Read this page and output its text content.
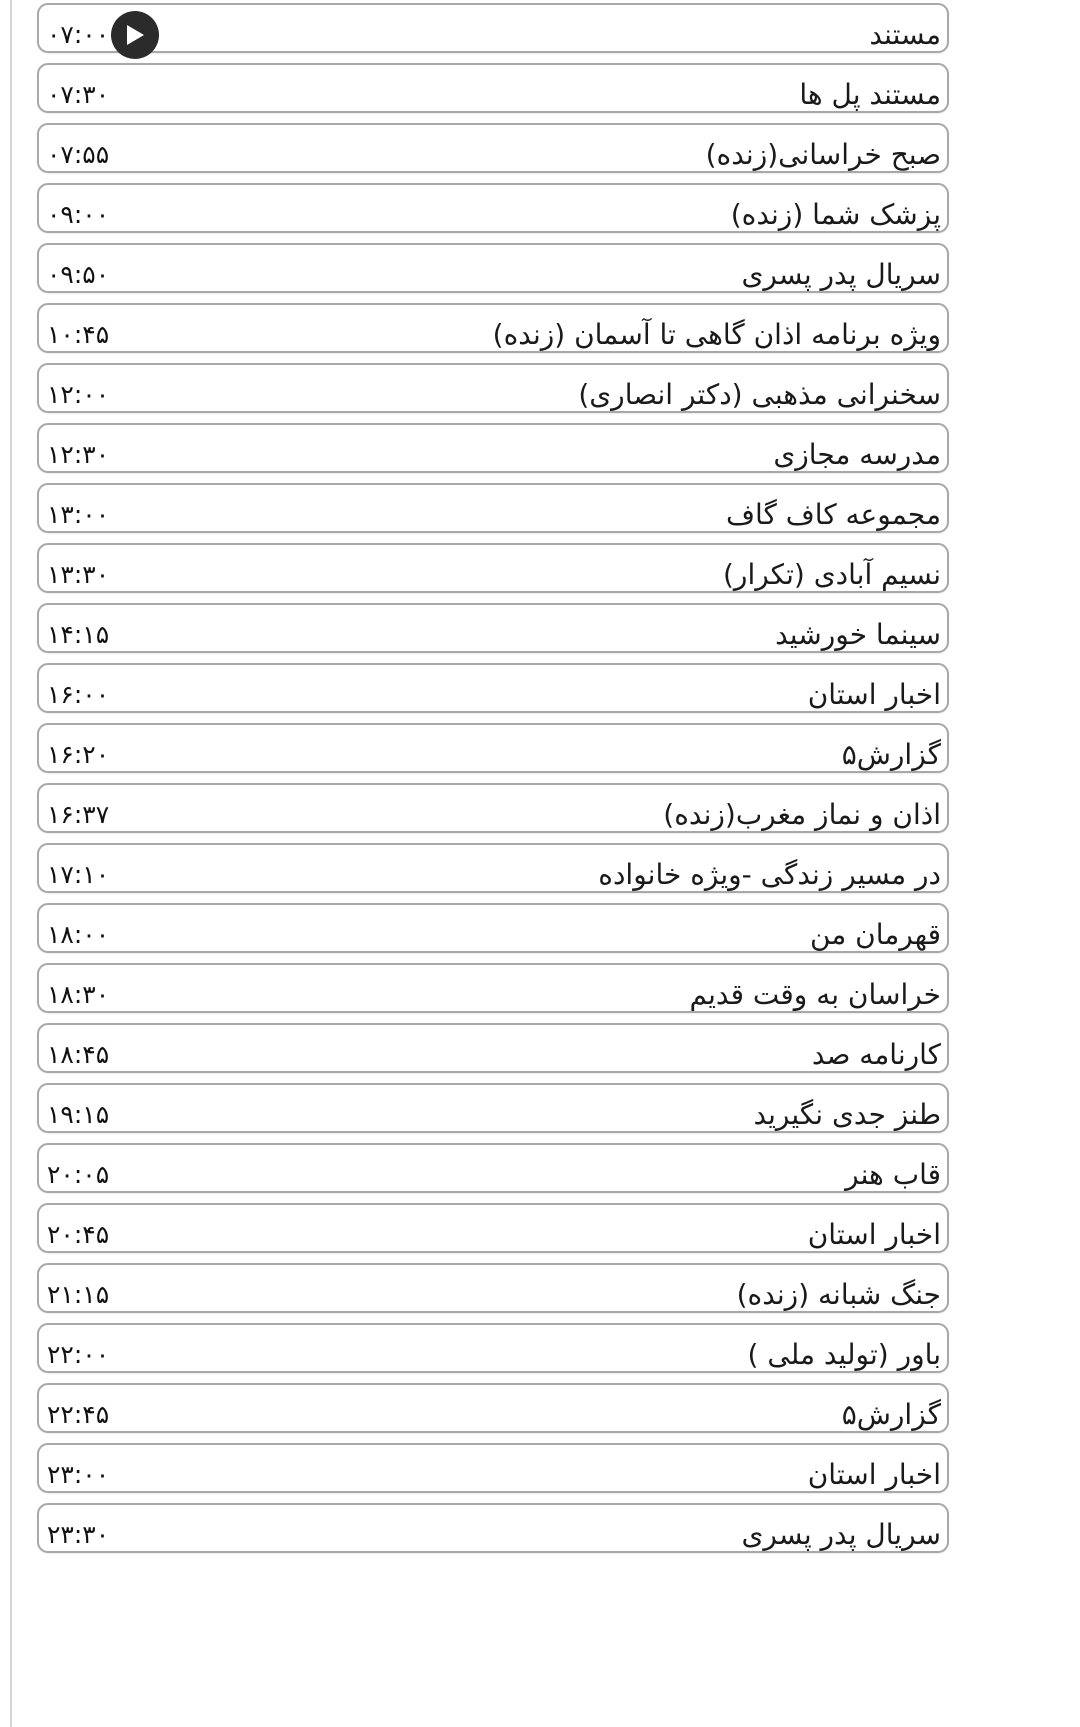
۰۷:۰۰	مستند
۰۷:۳۰	مستند پل ها
۰۷:۵۵	صبح خراسانی(زنده)
۰۹:۰۰	پزشک شما (زنده)
۰۹:۵۰	سریال پدر پسری
۱۰:۴۵	ویژه برنامه اذان گاهی تا آسمان (زنده)
۱۲:۰۰	سخنرانی مذهبی (دکتر انصاری)
۱۲:۳۰	مدرسه مجازی
۱۳:۰۰	مجموعه کاف گاف
۱۳:۳۰	نسیم آبادی (تکرار)
۱۴:۱۵	سینما خورشید
۱۶:۰۰	اخبار استان
۱۶:۲۰	گزارش۵
۱۶:۳۷	اذان و نماز مغرب(زنده)
۱۷:۱۰	در مسیر زندگی -ویژه خانواده
۱۸:۰۰	قهرمان من
۱۸:۳۰	خراسان به وقت قدیم
۱۸:۴۵	کارنامه صد
۱۹:۱۵	طنز جدی نگیرید
۲۰:۰۵	قاب هنر
۲۰:۴۵	اخبار استان
۲۱:۱۵	جنگ شبانه (زنده)
۲۲:۰۰	باور (تولید ملی )
۲۲:۴۵	گزارش۵
۲۳:۰۰	اخبار استان
۲۳:۳۰	سریال پدر پسری
